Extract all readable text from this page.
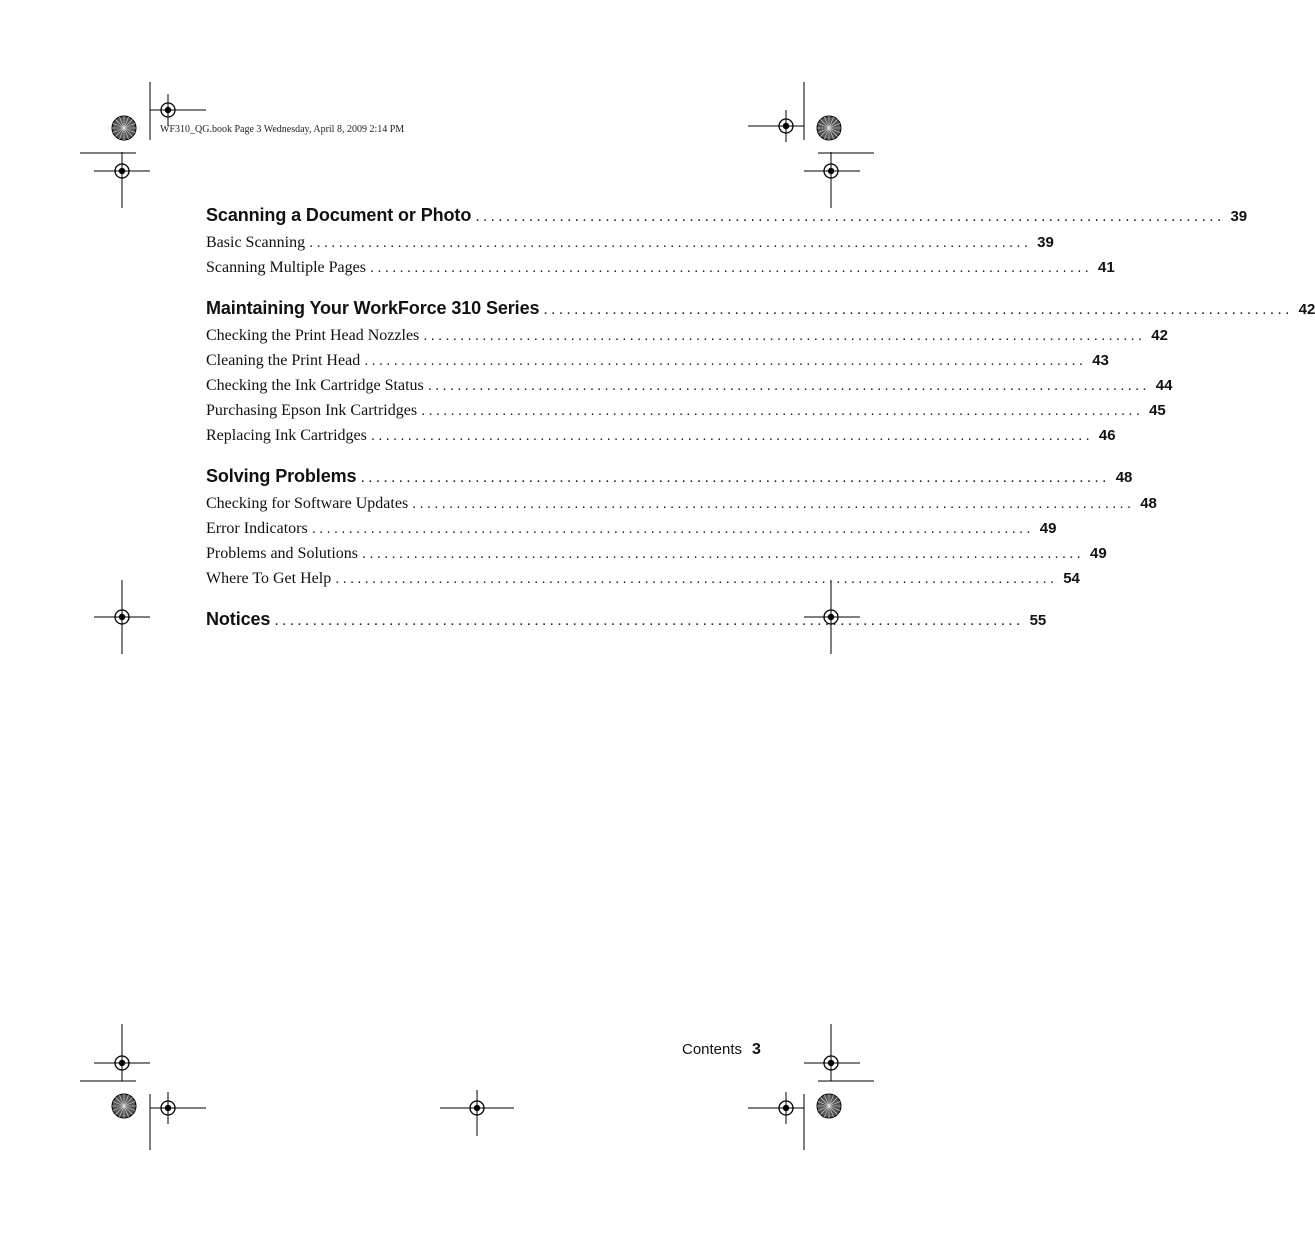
WF310_QG.book Page 3 Wednesday, April 8, 2009 2:14 PM
Scanning a Document or Photo .................................................................................................. 39
Basic Scanning .................................................................................................. 39
Scanning Multiple Pages .................................................................................................. 41
Maintaining Your WorkForce 310 Series .................................................................................................. 42
Checking the Print Head Nozzles .................................................................................................. 42
Cleaning the Print Head .................................................................................................. 43
Checking the Ink Cartridge Status .................................................................................................. 44
Purchasing Epson Ink Cartridges .................................................................................................. 45
Replacing Ink Cartridges .................................................................................................. 46
Solving Problems .................................................................................................. 48
Checking for Software Updates .................................................................................................. 48
Error Indicators .................................................................................................. 49
Problems and Solutions .................................................................................................. 49
Where To Get Help .................................................................................................. 54
Notices .................................................................................................. 55
Contents 3
